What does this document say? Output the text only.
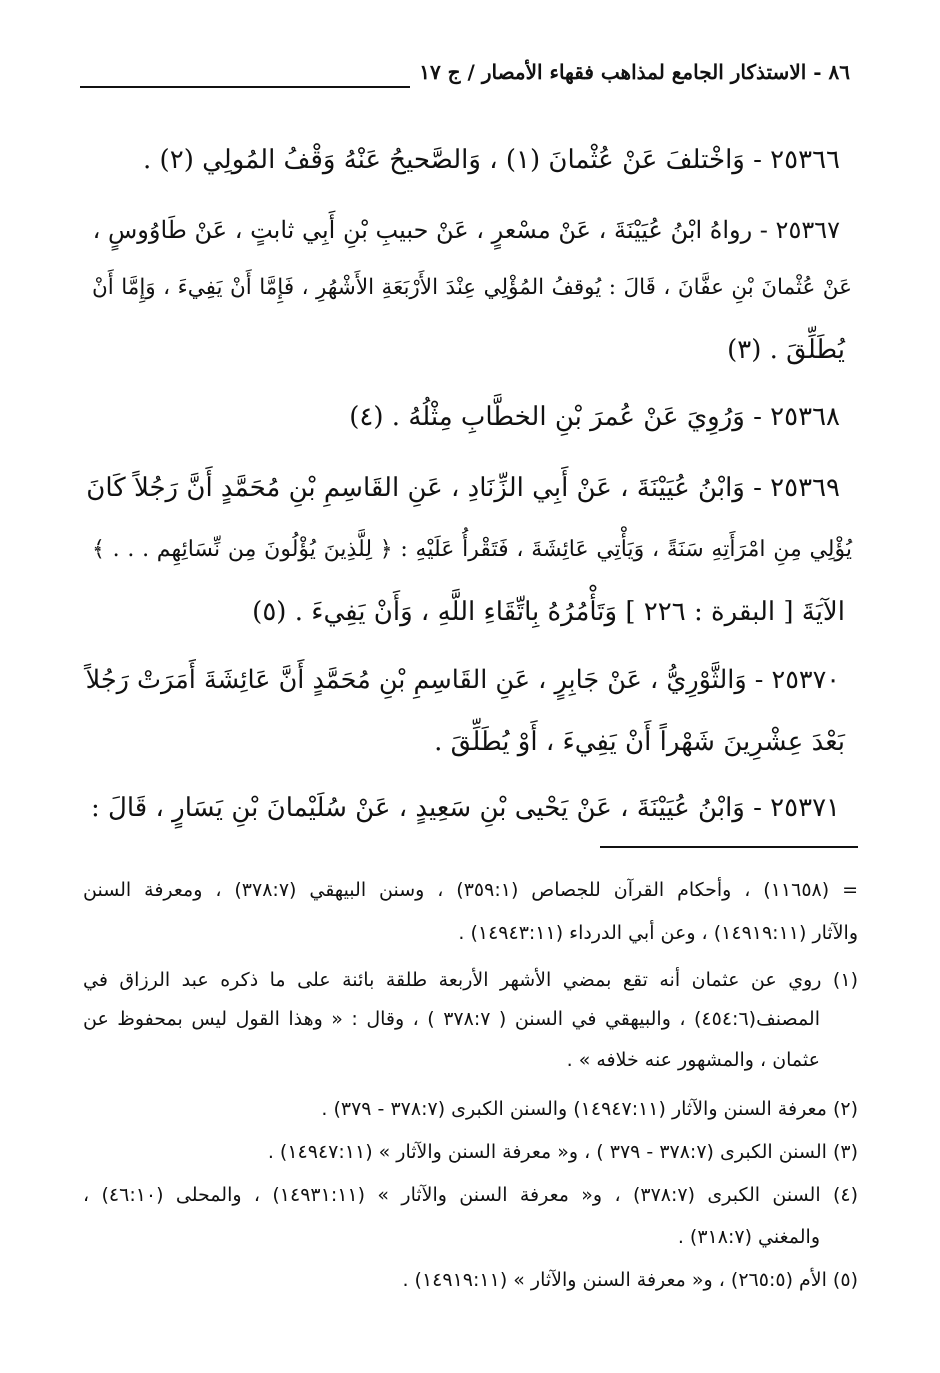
٨٦ - الاستذكار الجامع لمذاهب فقهاء الأمصار / ج ١٧
٢٥٣٦٦ - وَاخْتلفَ عَنْ عُثْمانَ (١) ، وَالصَّحيحُ عَنْهُ وَقْفُ المُولِي (٢) .
٢٥٣٦٧ - رواهُ ابْنُ عُيَيْنَةَ ، عَنْ مسْعرٍ ، عَنْ حبيبِ بْنِ أَبِي ثابتٍ ، عَنْ طَاوُوسٍ ،
عَنْ عُثْمانَ بْنِ عفَّانَ ، قَالَ : يُوقفُ المُؤْلِي عِنْدَ الأَرْبَعَةِ الأَشْهُرِ ، فَإِمَّا أَنْ يَفِيءَ ، وَإِمَّا أَنْ
يُطَلِّقَ . (٣)
٢٥٣٦٨ - وَرُوِيَ عَنْ عُمرَ بْنِ الخطَّابِ مِثْلُهُ . (٤)
٢٥٣٦٩ - وَابْنُ عُيَيْنَةَ ، عَنْ أَبِي الزِّنَادِ ، عَنِ القَاسِمِ بْنِ مُحَمَّدٍ أَنَّ رَجُلاً كَانَ
يُؤْلِي مِنِ امْرَأَتِهِ سَنَةً ، وَيَأْتِي عَائِشَةَ ، فَتَقْرأُ عَلَيْهِ : ﴿ لِلَّذِينَ يُؤْلُونَ مِن نِّسَائِهِم . . . ﴾
الآيَةَ [ البقرة : ٢٢٦ ] وَتَأْمُرُهُ بِاتِّقَاءِ اللَّهِ ، وَأَنْ يَفِيءَ . (٥)
٢٥٣٧٠ - وَالثَّوْرِيُّ ، عَنْ جَابِرٍ ، عَنِ القَاسِمِ بْنِ مُحَمَّدٍ أَنَّ عَائِشَةَ أَمَرَتْ رَجُلاً
بَعْدَ عِشْرِينَ شَهْراً أَنْ يَفِيءَ ، أَوْ يُطَلِّقَ .
٢٥٣٧١ - وَابْنُ عُيَيْنَةَ ، عَنْ يَحْيى بْنِ سَعِيدٍ ، عَنْ سُلَيْمانَ بْنِ يَسَارٍ ، قَالَ :
= (١١٦٥٨) ، وأحكام القرآن للجصاص (٣٥٩:١) ، وسنن البيهقي (٣٧٨:٧) ، ومعرفة السنن
والآثار (١٤٩١٩:١١) ، وعن أبي الدرداء (١٤٩٤٣:١١) .
(١) روي عن عثمان أنه تقع بمضي الأشهر الأربعة طلقة بائنة على ما ذكره عبد الرزاق في
المصنف(٤٥٤:٦) ، والبيهقي في السنن ( ٣٧٨:٧ ) ، وقال : « وهذا القول ليس بمحفوظ عن
عثمان ، والمشهور عنه خلافه » .
(٢) معرفة السنن والآثار (١٤٩٤٧:١١) والسنن الكبرى (٣٧٨:٧ - ٣٧٩) .
(٣) السنن الكبرى (٣٧٨:٧ - ٣٧٩ ) ، و« معرفة السنن والآثار » (١٤٩٤٧:١١) .
(٤) السنن الكبرى (٣٧٨:٧) ، و« معرفة السنن والآثار » (١٤٩٣١:١١) ، والمحلى (٤٦:١٠) ،
والمغني (٣١٨:٧) .
(٥) الأم (٢٦٥:٥) ، و« معرفة السنن والآثار » (١٤٩١٩:١١) .
